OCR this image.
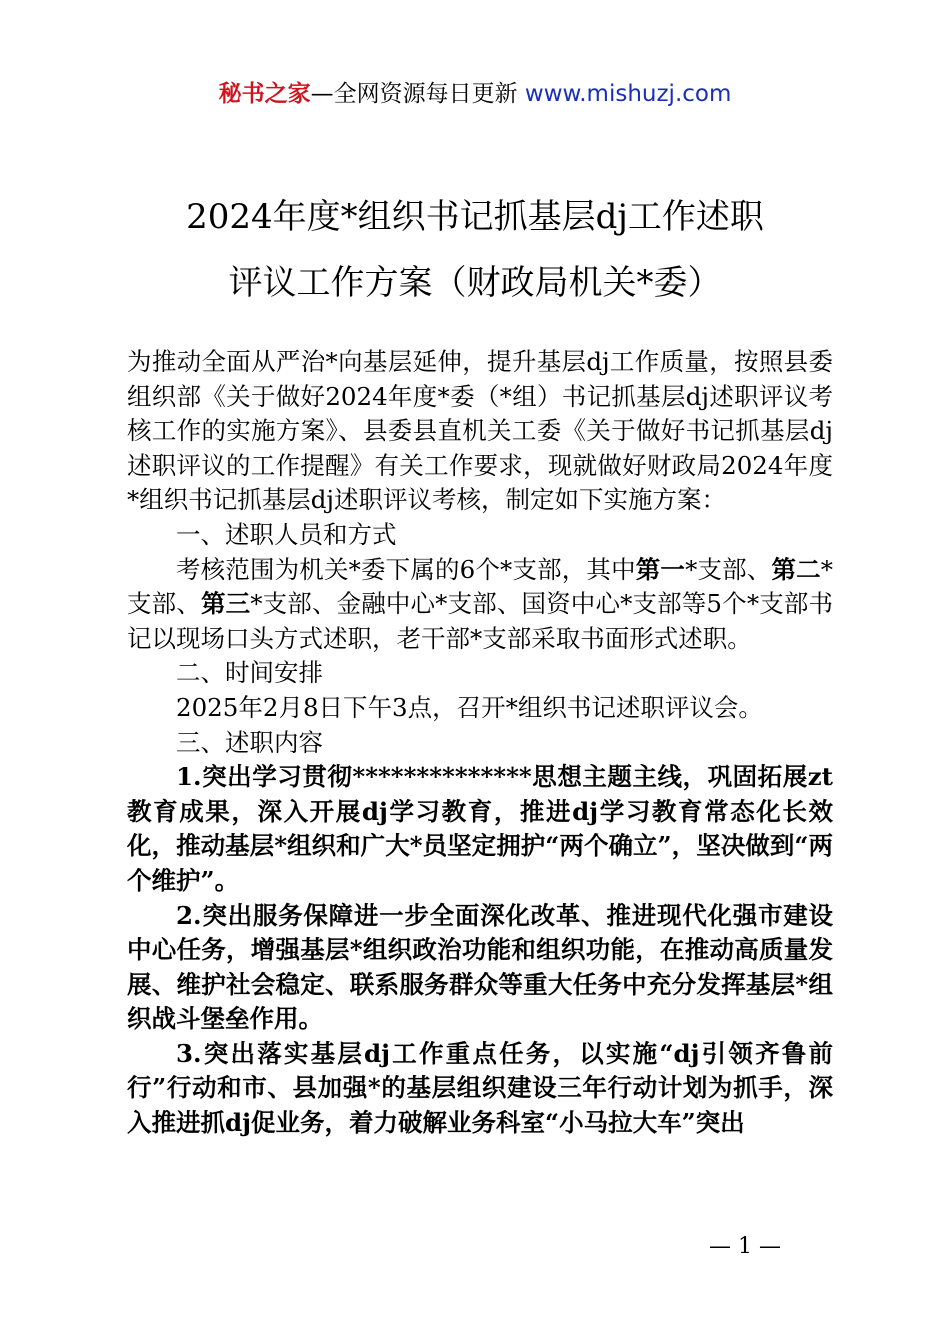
秘书之家—全网资源每日更新 www.mishuzj.com
2024年度*组织书记抓基层dj工作述职
评议工作方案（财政局机关*委）

为推动全面从严治*向基层延伸，提升基层dj工作质量，按照县委组织部《关于做好2024年度*委（*组）书记抓基层dj述职评议考核工作的实施方案》、县委县直机关工委《关于做好书记抓基层dj述职评议的工作提醒》有关工作要求，现就做好财政局2024年度*组织书记抓基层dj述职评议考核，制定如下实施方案：

一、述职人员和方式

考核范围为机关*委下属的6个*支部，其中第一*支部、第二*支部、第三*支部、金融中心*支部、国资中心*支部等5个*支部书记以现场口头方式述职，老干部*支部采取书面形式述职。

二、时间安排

2025年2月8日下午3点，召开*组织书记述职评议会。

三、述职内容

1.突出学习贯彻**************思想主题主线，巩固拓展zt教育成果，深入开展dj学习教育，推进dj学习教育常态化长效化，推动基层*组织和广大*员坚定拥护“两个确立”，坚决做到“两个维护”。

2.突出服务保障进一步全面深化改革、推进现代化强市建设中心任务，增强基层*组织政治功能和组织功能，在推动高质量发展、维护社会稳定、联系服务群众等重大任务中充分发挥基层*组织战斗堡垒作用。

3.突出落实基层dj工作重点任务，以实施“dj引领齐鲁前行”行动和市、县加强*的基层组织建设三年行动计划为抓手，深入推进抓dj促业务，着力破解业务科室“小马拉大车”突出

— 1 —
